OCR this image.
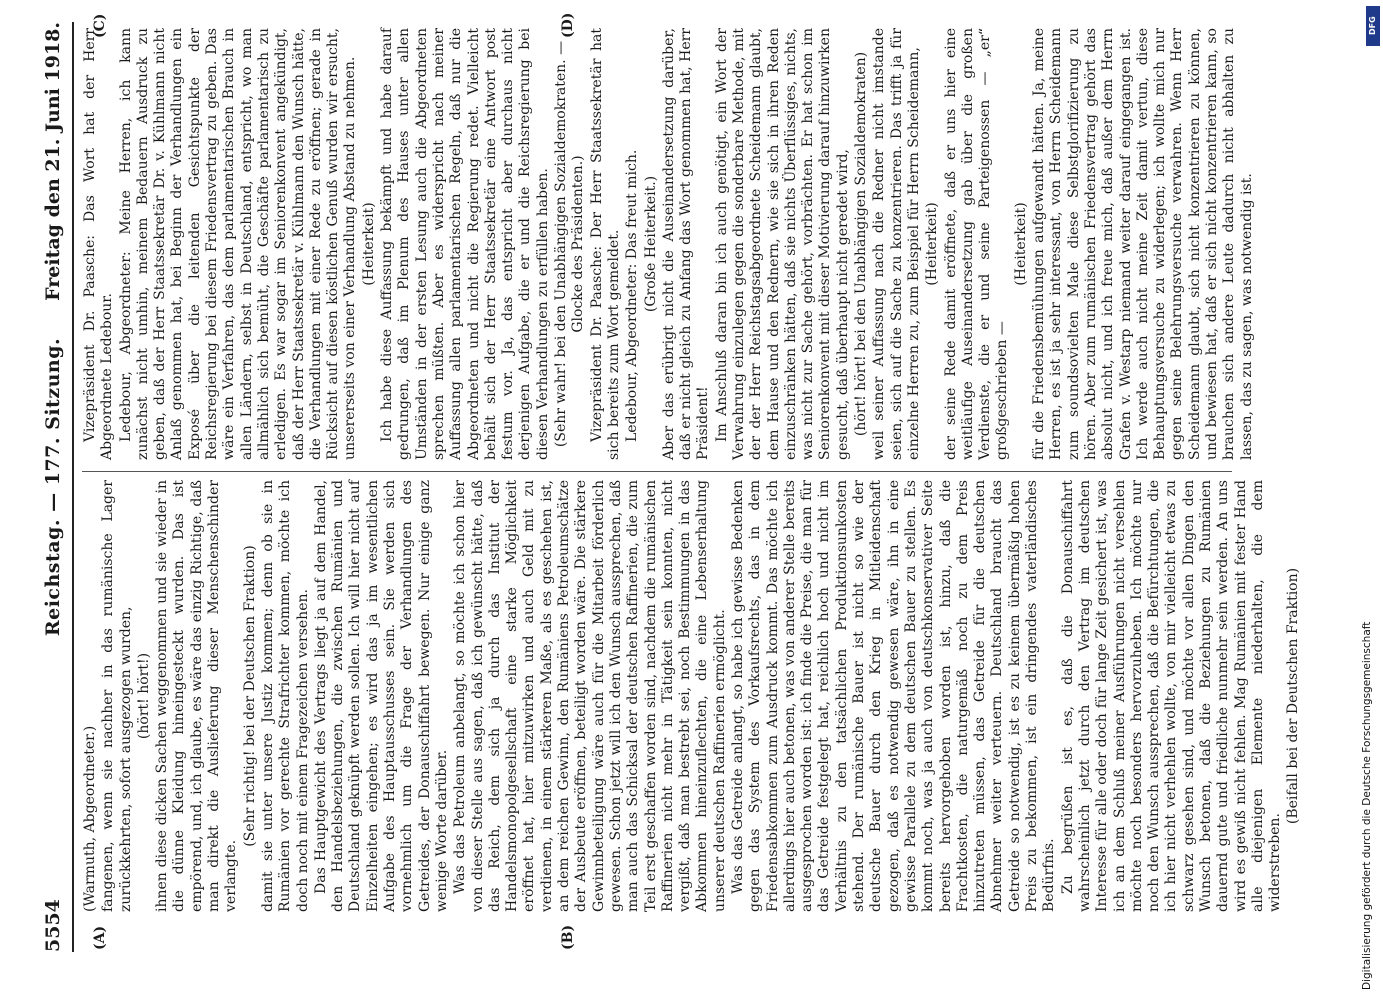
5554
Reichstag. — 177. Sitzung.
Freitag den 21. Juni 1918.
(A)	(B)
(C)	(D)

(Warmuth, Abgeordneter.) fangenen, wenn sie nachher in das rumänische Lager zurückkehrten, sofort ausgezogen wurden, (hört! hört!) ihnen diese dicken Sachen weggenommen und sie wieder in die dünne Kleidung hineingesteckt wurden. Das ist empörend, und, ich glaube, es wäre das einzig Richtige, daß man direkt die Auslieferung dieser Menschenschinder verlangte.

(Sehr richtig! bei der Deutschen Fraktion) damit sie unter unsere Justiz kommen; denn ob sie in Rumänien vor gerechte Strafrichter kommen, möchte ich doch noch mit einem Fragezeichen versehen. Das Hauptgewicht des Vertrags liegt ja auf dem Handel, den Handelsbeziehungen, die zwischen Rumänien und Deutschland geknüpft werden sollen. Ich will hier nicht auf Einzelheiten eingehen; es wird das ja im wesentlichen Aufgabe des Hauptausschusses sein. Sie werden sich vornehmlich um die Frage der Verhandlungen des Getreides, der Donauschiffahrt bewegen. Nur einige ganz wenige Worte darüber. Was das Petroleum anbelangt, so möchte ich schon hier von dieser Stelle aus sagen, daß ich gewünscht hätte, daß das Reich, dem sich ja durch das Institut der Handelsmonopolgesellschaft eine starke Möglichkeit eröffnet hat, hier mitzuwirken und auch Geld mit zu verdienen, in einem stärkeren Maße, als es geschehen ist, an dem reichen Gewinn, den Rumäniens Petroleumschätze der Ausbeute eröffnen, beteiligt worden wäre. Die stärkere Gewinnbeteiligung wäre auch für die Mitarbeit förderlich gewesen. Schon jetzt will ich den Wunsch aussprechen, daß man auch das Schicksal der deutschen Raffinerien, die zum Teil erst geschaffen worden sind, nachdem die rumänischen Raffinerien nicht mehr in Tätigkeit sein konnten, nicht vergißt, daß man bestrebt sei, noch Bestimmungen in das Abkommen hineinzuflechten, die eine Lebenserhaltung unserer deutschen Raffinerien ermöglicht. Was das Getreide anlangt, so habe ich gewisse Bedenken gegen das System des Vorkaufsrechts, das in dem Friedensabkommen zum Ausdruck kommt. Das möchte ich allerdings hier auch betonen, was von anderer Stelle bereits ausgesprochen worden ist: ich finde die Preise, die man für das Getreide festgelegt hat, reichlich hoch und nicht im Verhältnis zu den tatsächlichen Produktionsunkosten stehend. Der rumänische Bauer ist nicht so wie der deutsche Bauer durch den Krieg in Mitleidenschaft gezogen, daß es notwendig gewesen wäre, ihn in eine gewisse Parallele zu dem deutschen Bauer zu stellen. Es kommt noch, was ja auch von deutschkonservativer Seite bereits hervorgehoben worden ist, hinzu, daß die Frachtkosten, die naturgemäß noch zu dem Preis hinzutreten müssen, das Getreide für die deutschen Abnehmer weiter verteuern. Deutschland braucht das Getreide so notwendig, ist es zu keinem übermäßig hohen Preis zu bekommen, ist ein dringendes vaterländisches Bedürfnis. Zu begrüßen ist es, daß die Donauschiffahrt wahrscheinlich jetzt durch den Vertrag im deutschen Interesse für alle oder doch für lange Zeit gesichert ist, was ich an dem Schluß meiner Ausführungen nicht versehlen möchte noch besonders hervorzuheben. Ich möchte nur noch den Wunsch aussprechen, daß die Befürchtungen, die ich hier nicht verhehlen wollte, von mir vielleicht etwas zu schwarz gesehen sind, und möchte vor allen Dingen den Wunsch betonen, daß die Beziehungen zu Rumänien dauernd gute und friedliche nunmehr sein werden. An uns wird es gewiß nicht fehlen. Mag Rumänien mit fester Hand alle diejenigen Elemente niederhalten, die dem widerstreben.

(Beifall bei der Deutschen Fraktion)

Vizepräsident Dr. Paasche: Das Wort hat der Herr Abgeordnete Ledebour. Ledebour, Abgeordneter: Meine Herren, ich kann zunächst nicht umhin, meinem Bedauern Ausdruck zu geben, daß der Herr Staatssekretär Dr. v. Kühlmann nicht Anlaß genommen hat, bei Beginn der Verhandlungen ein Exposé über die leitenden Gesichtspunkte der Reichsregierung bei diesem Friedensvertrag zu geben. Das wäre ein Verfahren, das dem parlamentarischen Brauch in allen Ländern, selbst in Deutschland, entspricht, wo man allmählich sich bemüht, die Geschäfte parlamentarisch zu erledigen. Es war sogar im Seniorenkonvent angekündigt, daß der Herr Staatssekretär v. Kühlmann den Wunsch hätte, die Verhandlungen mit einer Rede zu eröffnen; gerade in Rücksicht auf diesen köstlichen Genuß wurden wir ersucht, unsererseits von einer Verhandlung Abstand zu nehmen. (Heiterkeit) Ich habe diese Auffassung bekämpft und habe darauf gedrungen, daß im Plenum des Hauses unter allen Umständen in der ersten Lesung auch die Abgeordneten sprechen müßten. Aber es widerspricht nach meiner Auffassung allen parlamentarischen Regeln, daß nur die Abgeordneten und nicht die Regierung redet. Vielleicht behält sich der Herr Staatssekretär eine Antwort post festum vor. Ja, das entspricht aber durchaus nicht derjenigen Aufgabe, die er und die Reichsregierung bei diesen Verhandlungen zu erfüllen haben. (Sehr wahr! bei den Unabhängigen Sozialdemokraten. — Glocke des Präsidenten.) Vizepräsident Dr. Paasche: Der Herr Staatssekretär hat sich bereits zum Wort gemeldet. Ledebour, Abgeordneter: Das freut mich. (Große Heiterkeit.) Aber das erübrigt nicht die Auseinandersetzung darüber, daß er nicht gleich zu Anfang das Wort genommen hat, Herr Präsident! Im Anschluß daran bin ich auch genötigt, ein Wort der Verwahrung einzulegen gegen die sonderbare Methode, mit der der Herr Reichstagsabgeordnete Scheidemann glaubt, dem Hause und den Rednern, wie sie sich in ihren Reden einzuschränken hätten, daß sie nichts Überflüssiges, nichts, was nicht zur Sache gehört, vorbrächten. Er hat schon im Seniorenkonvent mit dieser Motivierung darauf hinzuwirken gesucht, daß überhaupt nicht geredet wird, (hört! hört! bei den Unabhängigen Sozialdemokraten) weil seiner Auffassung nach die Redner nicht imstande seien, sich auf die Sache zu konzentrieren. Das trifft ja für einzelne Herren zu, zum Beispiel für Herrn Scheidemann, (Heiterkeit) der seine Rede damit eröffnete, daß er uns hier eine weitläufige Auseinandersetzung gab über die großen Verdienste, die er und seine Parteigenossen — „er“ großgeschrieben —

(Heiterkeit) für die Friedensbemühungen aufgewandt hätten. Ja, meine Herren, es ist ja sehr interessant, von Herrn Scheidemann zum soundsovielten Male diese Selbstglorifizierung zu hören. Aber zum rumänischen Friedensvertrag gehört das absolut nicht, und ich freue mich, daß außer dem Herrn Grafen v. Westarp niemand weiter darauf eingegangen ist. Ich werde auch nicht meine Zeit damit vertun, diese Behauptungsversuche zu widerlegen; ich wollte mich nur gegen seine Belehrungsversuche verwahren. Wenn Herr Scheidemann glaubt, sich nicht konzentrieren zu können, und bewiesen hat, daß er sich nicht konzentrieren kann, so brauchen sich andere Leute dadurch nicht abhalten zu lassen, das zu sagen, was notwendig ist.

Digitalisierung gefördert durch die Deutsche Forschungsgemeinschaft
DFG
